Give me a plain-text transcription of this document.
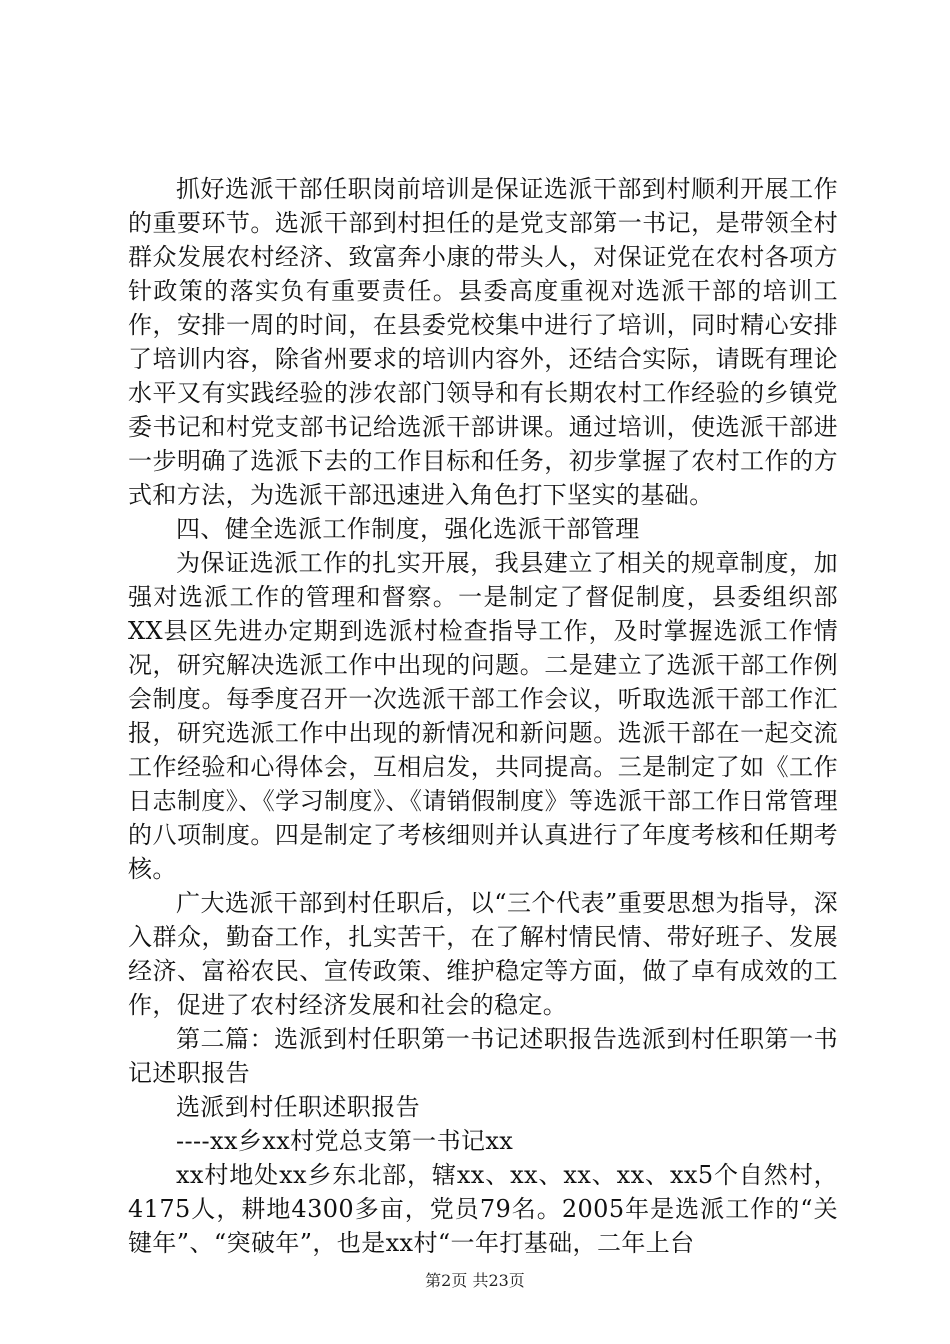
抓好选派干部任职岗前培训是保证选派干部到村顺利开展工作的重要环节。选派干部到村担任的是党支部第一书记，是带领全村群众发展农村经济、致富奔小康的带头人，对保证党在农村各项方针政策的落实负有重要责任。县委高度重视对选派干部的培训工作，安排一周的时间，在县委党校集中进行了培训，同时精心安排了培训内容，除省州要求的培训内容外，还结合实际，请既有理论水平又有实践经验的涉农部门领导和有长期农村工作经验的乡镇党委书记和村党支部书记给选派干部讲课。通过培训，使选派干部进一步明确了选派下去的工作目标和任务，初步掌握了农村工作的方式和方法，为选派干部迅速进入角色打下坚实的基础。

四、健全选派工作制度，强化选派干部管理

为保证选派工作的扎实开展，我县建立了相关的规章制度，加强对选派工作的管理和督察。一是制定了督促制度，县委组织部XX县区先进办定期到选派村检查指导工作，及时掌握选派工作情况，研究解决选派工作中出现的问题。二是建立了选派干部工作例会制度。每季度召开一次选派干部工作会议，听取选派干部工作汇报，研究选派工作中出现的新情况和新问题。选派干部在一起交流工作经验和心得体会，互相启发，共同提高。三是制定了如《工作日志制度》、《学习制度》、《请销假制度》等选派干部工作日常管理的八项制度。四是制定了考核细则并认真进行了年度考核和任期考核。

广大选派干部到村任职后，以“三个代表”重要思想为指导，深入群众，勤奋工作，扎实苦干，在了解村情民情、带好班子、发展经济、富裕农民、宣传政策、维护稳定等方面，做了卓有成效的工作，促进了农村经济发展和社会的稳定。

第二篇：选派到村任职第一书记述职报告选派到村任职第一书记述职报告

选派到村任职述职报告

----xx乡xx村党总支第一书记xx

xx村地处xx乡东北部，辖xx、xx、xx、xx、xx5个自然村，4175人，耕地4300多亩，党员79名。2005年是选派工作的“关键年”、“突破年”，也是xx村“一年打基础，二年上台

第2页 共23页
